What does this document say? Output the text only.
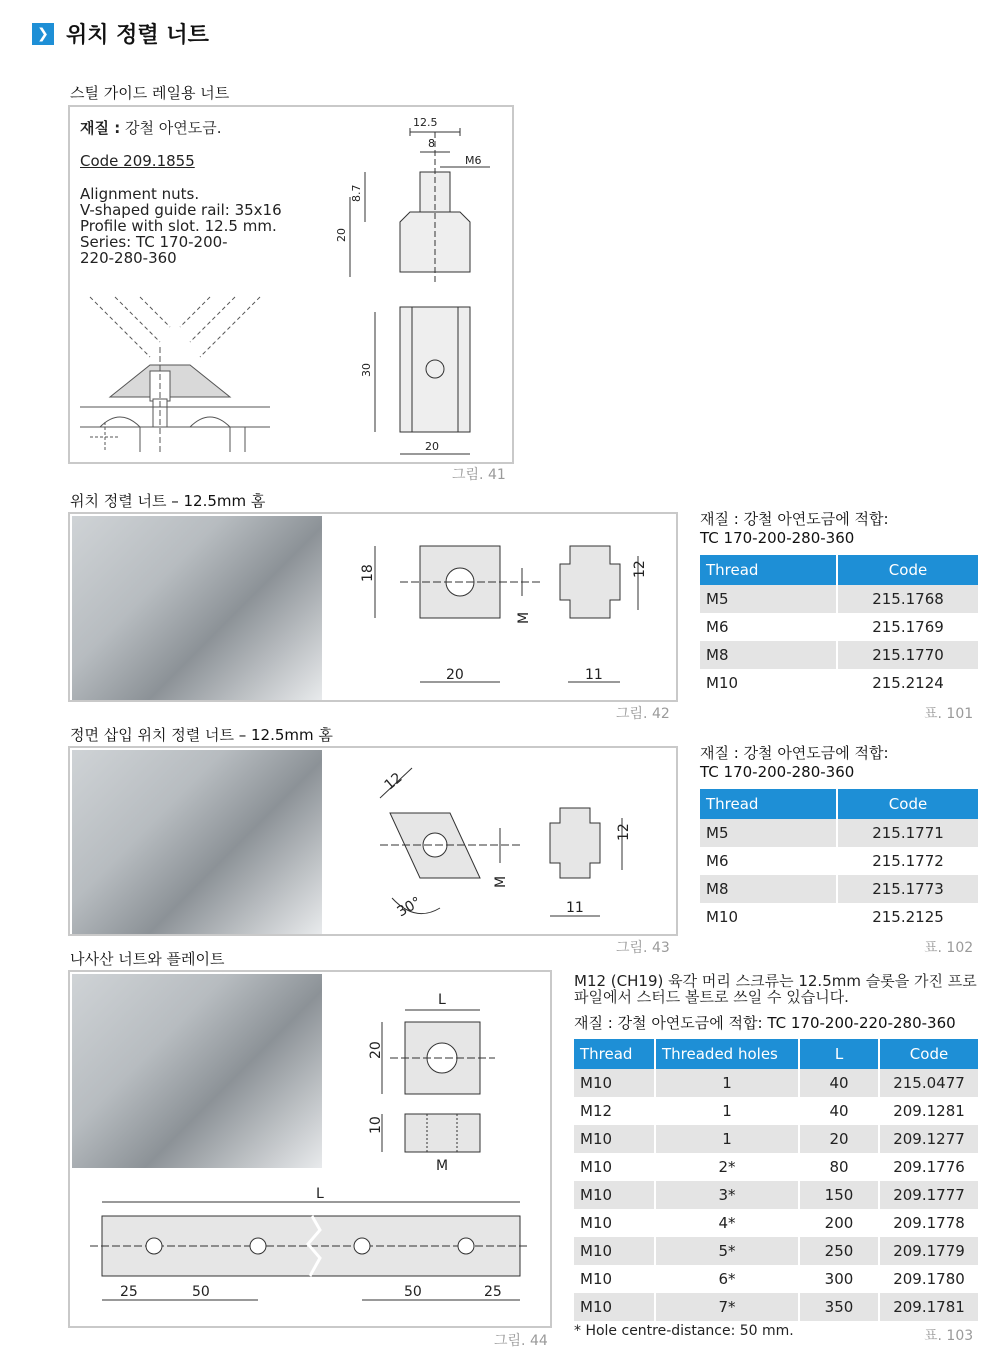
❯ 위치 정렬 너트
스틸 가이드 레일용 너트
재질 : 강철 아연도금.
Code 209.1855
Alignment nuts.
V-shaped guide rail: 35x16
Profile with slot. 12.5 mm.
Series: TC 170-200-
220-280-360
12.5
8
M6
8.7
20
30
20
그림. 41
위치 정렬 너트 – 12.5mm 홈
18
M
20
12
11
그림. 42
재질 : 강철 아연도금에 적합:
TC 170-200-280-360
Thread	Code
M5	215.1768
M6	215.1769
M8	215.1770
M10	215.2124
표. 101
정면 삽입 위치 정렬 너트 – 12.5mm 홈
12
30°
M
12
11
그림. 43
재질 : 강철 아연도금에 적합:
TC 170-200-280-360
Thread	Code
M5	215.1771
M6	215.1772
M8	215.1773
M10	215.2125
표. 102
나사산 너트와 플레이트
L
20
10
M
L
25	50	50	25
그림. 44
M12 (CH19) 육각 머리 스크류는 12.5mm 슬롯을 가진 프로
파일에서 스터드 볼트로 쓰일 수 있습니다.
재질 : 강철 아연도금에 적합: TC 170-200-220-280-360
Thread	Threaded holes	L	Code
M10	1	40	215.0477
M12	1	40	209.1281
M10	1	20	209.1277
M10	2*	80	209.1776
M10	3*	150	209.1777
M10	4*	200	209.1778
M10	5*	250	209.1779
M10	6*	300	209.1780
M10	7*	350	209.1781
* Hole centre-distance: 50 mm.	표. 103
